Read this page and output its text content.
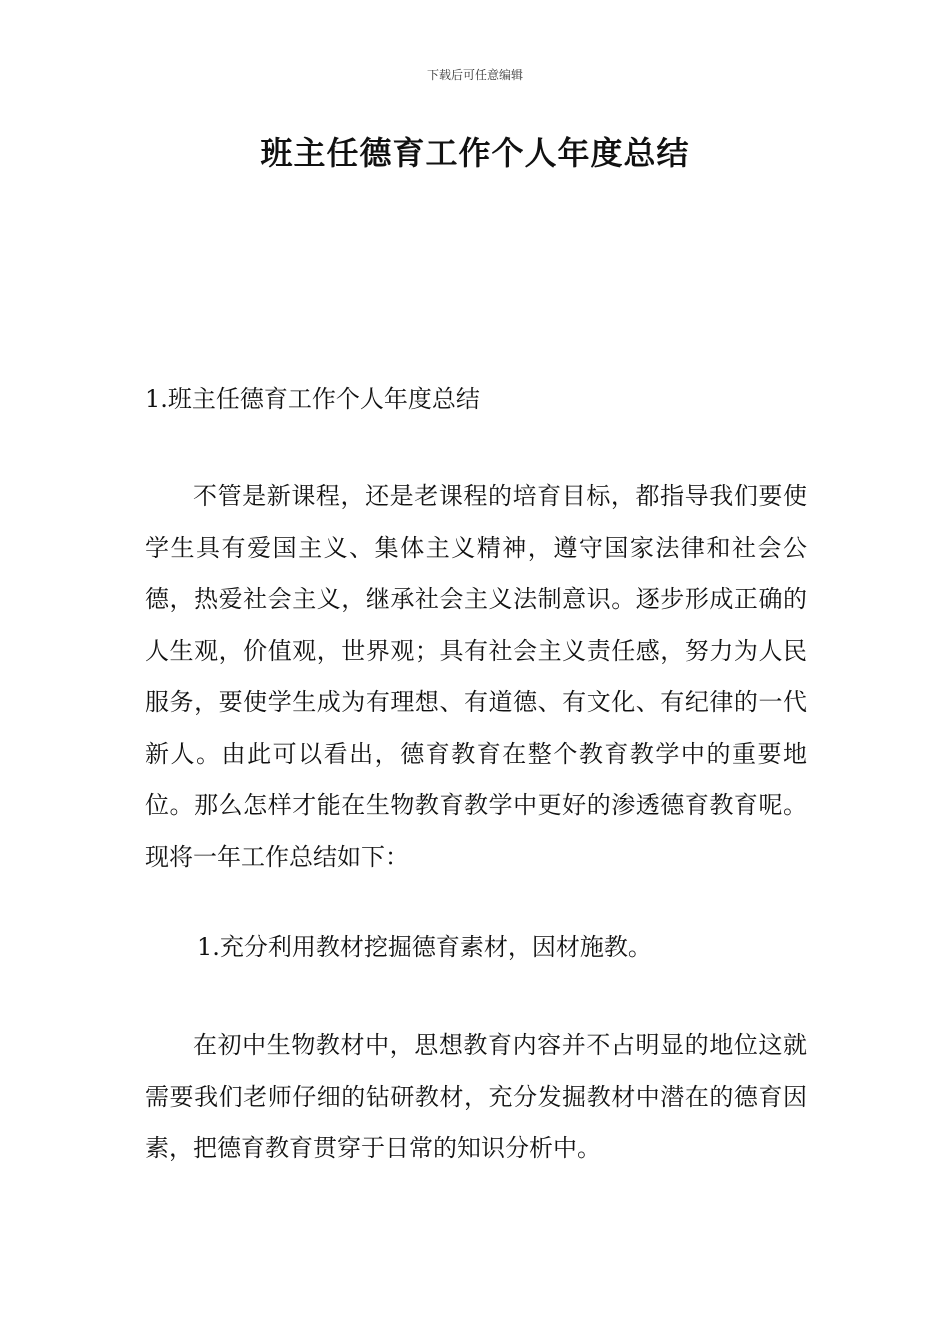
下载后可任意编辑
班主任德育工作个人年度总结

1.班主任德育工作个人年度总结

不管是新课程，还是老课程的培育目标，都指导我们要使学生具有爱国主义、集体主义精神，遵守国家法律和社会公德，热爱社会主义，继承社会主义法制意识。逐步形成正确的人生观，价值观，世界观；具有社会主义责任感，努力为人民服务，要使学生成为有理想、有道德、有文化、有纪律的一代新人。由此可以看出，德育教育在整个教育教学中的重要地位。那么怎样才能在生物教育教学中更好的渗透德育教育呢。现将一年工作总结如下：

1.充分利用教材挖掘德育素材，因材施教。

在初中生物教材中，思想教育内容并不占明显的地位这就需要我们老师仔细的钻研教材，充分发掘教材中潜在的德育因素，把德育教育贯穿于日常的知识分析中。
